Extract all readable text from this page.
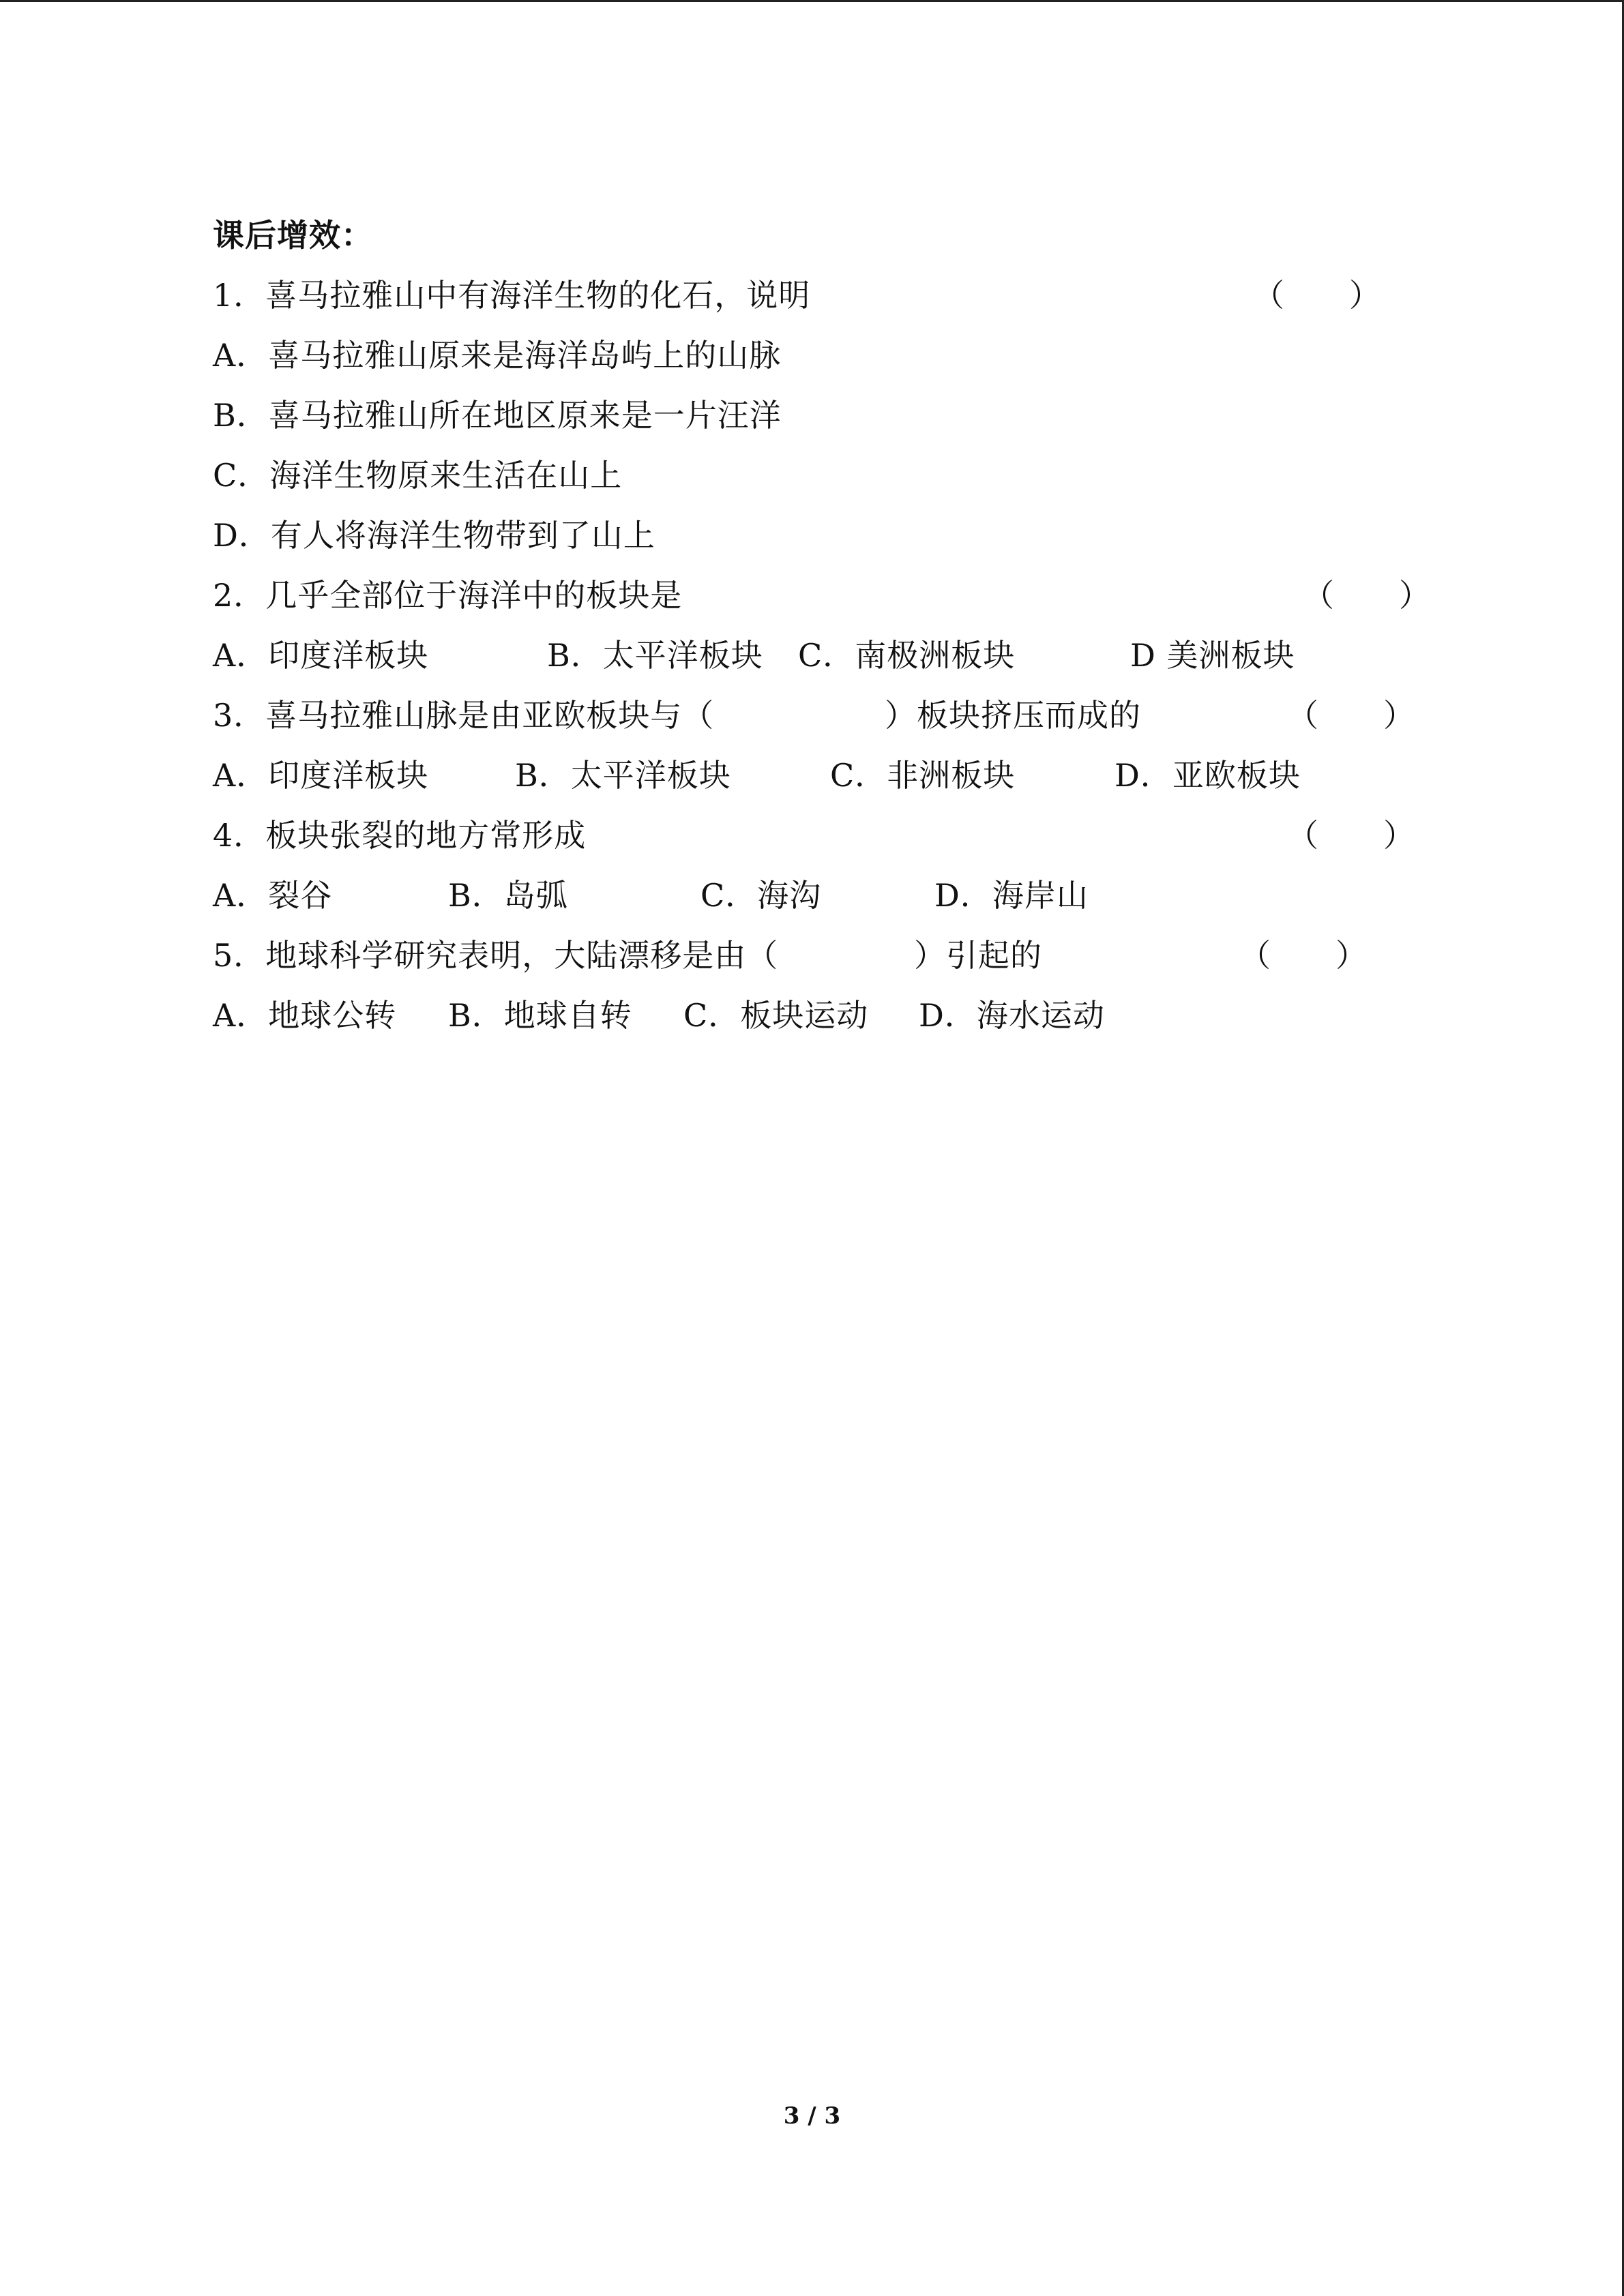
课后增效：

1．喜马拉雅山中有海洋生物的化石，说明

	（　　）

A．喜马拉雅山原来是海洋岛屿上的山脉
B．喜马拉雅山所在地区原来是一片汪洋
C．海洋生物原来生活在山上
D．有人将海洋生物带到了山上

2．几乎全部位于海洋中的板块是

	（　　）

A．印度洋板块

	B．太平洋板块

C．南极洲板块

	D 美洲板块

3．喜马拉雅山脉是由亚欧板块与（

	）板块挤压而成的

	（　　）

A．印度洋板块

	B．太平洋板块

	C．非洲板块

	D．亚欧板块

4．板块张裂的地方常形成

	（　　）

A．裂谷

	B．岛弧

	C．海沟

	D．海岸山

5．地球科学研究表明，大陆漂移是由（

	）引起的

	（　　）

A．地球公转

B．地球自转

C．板块运动

D．海水运动

3 / 3
